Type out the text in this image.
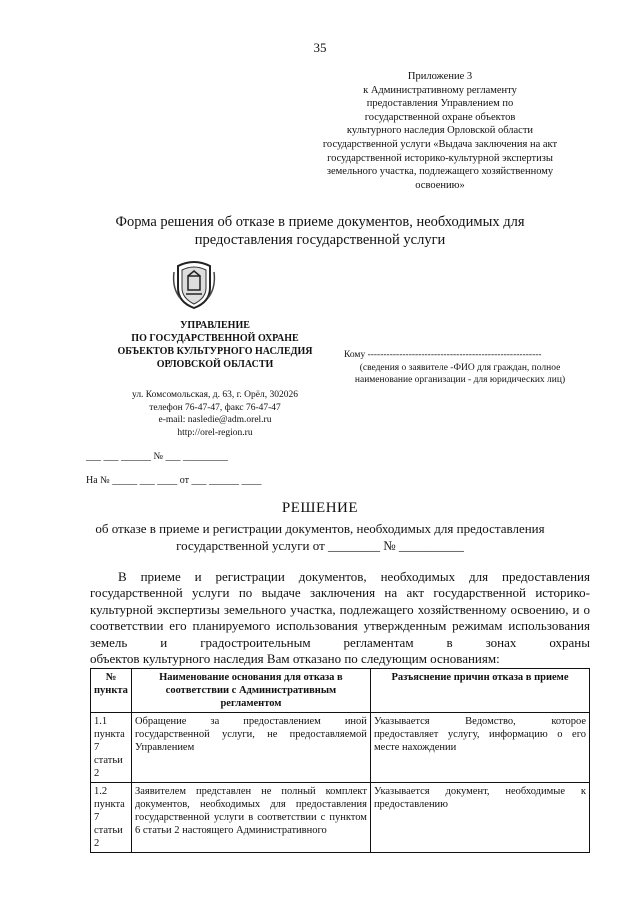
35
Приложение 3
к Административному регламенту
предоставления Управлением по
государственной охране объектов
культурного наследия Орловской области
государственной услуги «Выдача заключения на акт
государственной историко-культурной экспертизы
земельного участка, подлежащего хозяйственному
освоению»
Форма решения об отказе в приеме документов, необходимых для
предоставления государственной услуги
УПРАВЛЕНИЕ
ПО ГОСУДАРСТВЕННОЙ ОХРАНЕ
ОБЪЕКТОВ КУЛЬТУРНОГО НАСЛЕДИЯ
ОРЛОВСКОЙ ОБЛАСТИ
ул. Комсомольская, д. 63, г. Орёл, 302026
телефон 76-47-47, факс 76-47-47
e-mail: nasledie@adm.orel.ru
http://orel-region.ru
Кому -------------------------------------------------------
(сведения о заявителе -ФИО для граждан, полное
наименование организации - для юридических лиц)
___ ___ ______ № ___ _________
На № _____ ___ ____ от ___ ______ ____
РЕШЕНИЕ
об отказе в приеме и регистрации документов, необходимых для предоставления
государственной услуги от ________ № __________
В приеме и регистрации документов, необходимых для предоставления государственной услуги по выдаче заключения на акт государственной историко-культурной экспертизы земельного участка, подлежащего хозяйственному освоению, и о соответствии его планируемого использования утвержденным режимам использования земель и градостроительным регламентам в зонах охраны
объектов культурного наследия Вам отказано по следующим основаниям:
№ пункта	Наименование основания для отказа в соответствии с Административным регламентом	Разъяснение причин отказа в приеме
1.1 пункта 7 статьи 2	Обращение за предоставлением иной государственной услуги, не предоставляемой Управлением	Указывается Ведомство, которое предоставляет услугу, информацию о его месте нахождении
1.2 пункта 7 статьи 2	Заявителем представлен не полный комплект документов, необходимых для предоставления государственной услуги в соответствии с пунктом 6 статьи 2 настоящего Административного	Указывается документ, необходимые к предоставлению
